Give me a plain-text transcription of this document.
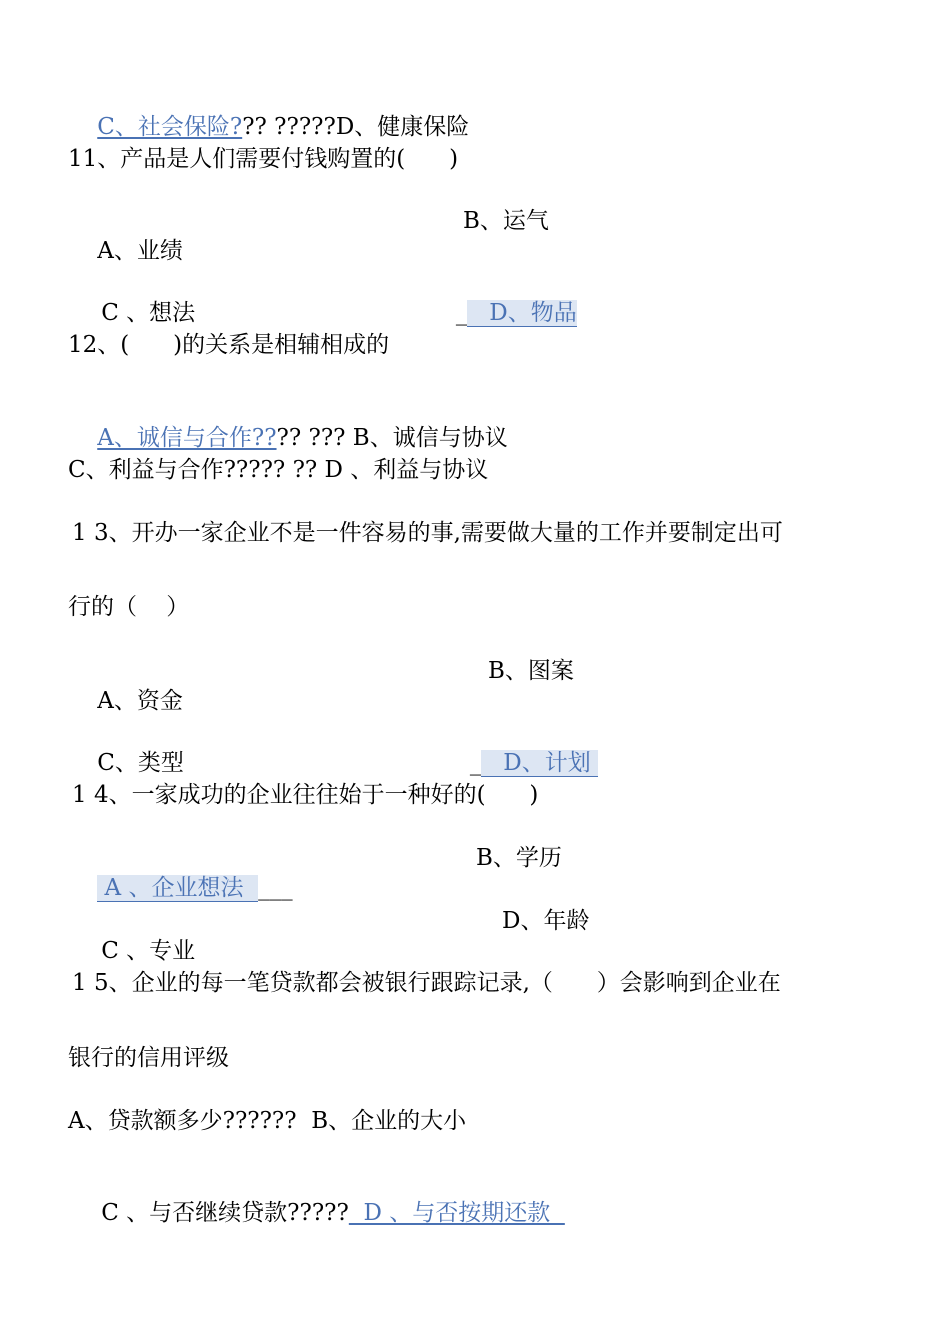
C、社会保险??? ?????D、健康保险

11、产品是人们需要付钱购置的(      )

A、业绩

B、运气

C 、想法
	_   D、物品

12、(      )的关系是相辅相成的

A、诚信与合作???? ??? B、诚信与协议

C、利益与合作????? ?? D 、利益与协议
1 3、开办一家企业不是一件容易的事,需要做大量的工作并要制定出可
行的（    ）

A、资金

B、图案

C、类型
	_   D、计划

1 4、一家成功的企业往往始于一种好的(      )

A 、企业想法  ___

B、学历

C 、专业

D、年龄

1 5、企业的每一笔贷款都会被银行跟踪记录,（      ）会影响到企业在
银行的信用评级
A、贷款额多少??????  B、企业的大小

C 、与否继续贷款?????  D 、与否按期还款
